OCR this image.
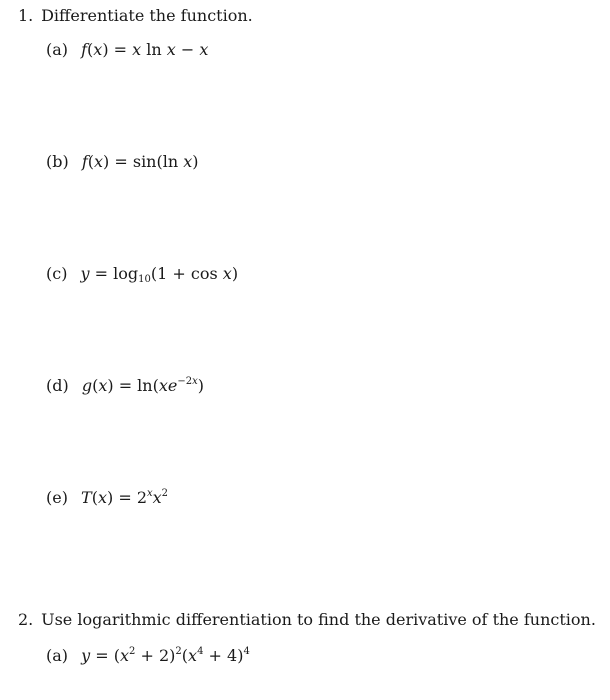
1. Differentiate the function.
(a) f(x) = x ln x − x
(b) f(x) = sin(ln x)
(c) $y = \log_{10}(1 + \cos x)$
(d) $g(x) = \ln(xe^{-2x})$
(e) $T(x) = 2^xx^2$
2. Use logarithmic differentiation to find the derivative of the function.
(a) $y = (x^2 + 2)^2(x^4 + 4)^4$
